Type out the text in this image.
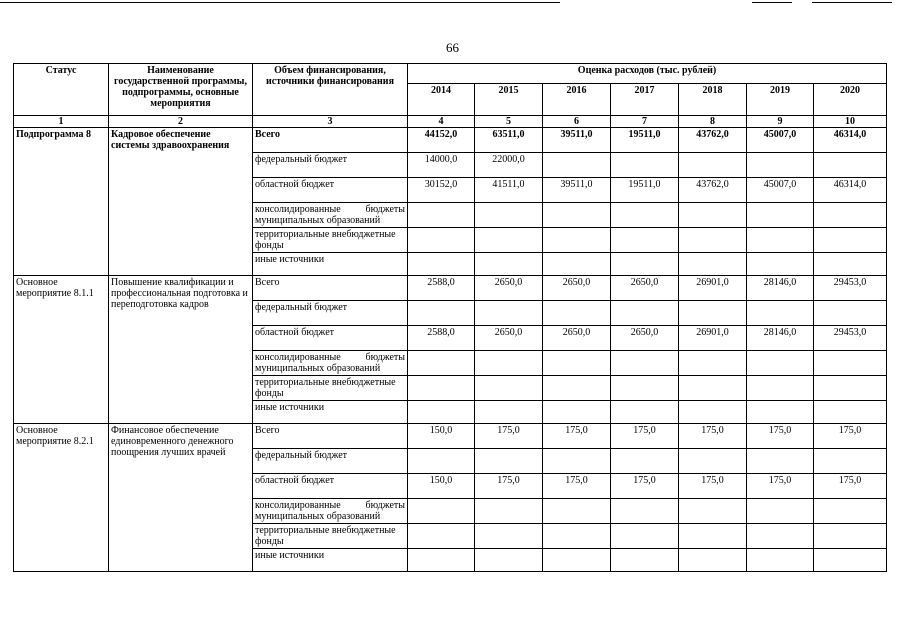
66
Статус	Наименование государственной программы, подпрограммы, основные мероприятия	Объем финансирования, источники финансирования	Оценка расходов (тыс. рублей)						
			2014	2015	2016	2017	2018	2019	2020
1	2	3	4	5	6	7	8	9	10
Подпрограмма 8	Кадровое обеспечение системы здравоохранения	Всего	44152,0	63511,0	39511,0	19511,0	43762,0	45007,0	46314,0
		федеральный бюджет	14000,0	22000,0					
		областной бюджет	30152,0	41511,0	39511,0	19511,0	43762,0	45007,0	46314,0
		консолидированные бюджеты
муниципальных образований							

		территориальные внебюджетные фонды							
		иные источники							
Основное мероприятие 8.1.1	Повышение квалификации и профессиональная подготовка и переподготовка кадров	Всего	2588,0	2650,0	2650,0	2650,0	26901,0	28146,0	29453,0
		федеральный бюджет							
		областной бюджет	2588,0	2650,0	2650,0	2650,0	26901,0	28146,0	29453,0
		консолидированные бюджеты
муниципальных образований							

		территориальные внебюджетные фонды							
		иные источники							
Основное мероприятие 8.2.1	Финансовое обеспечение единовременного денежного поощрения лучших врачей	Всего	150,0	175,0	175,0	175,0	175,0	175,0	175,0
		федеральный бюджет							
		областной бюджет	150,0	175,0	175,0	175,0	175,0	175,0	175,0
		консолидированные бюджеты
муниципальных образований							

		территориальные внебюджетные фонды							
		иные источники							
